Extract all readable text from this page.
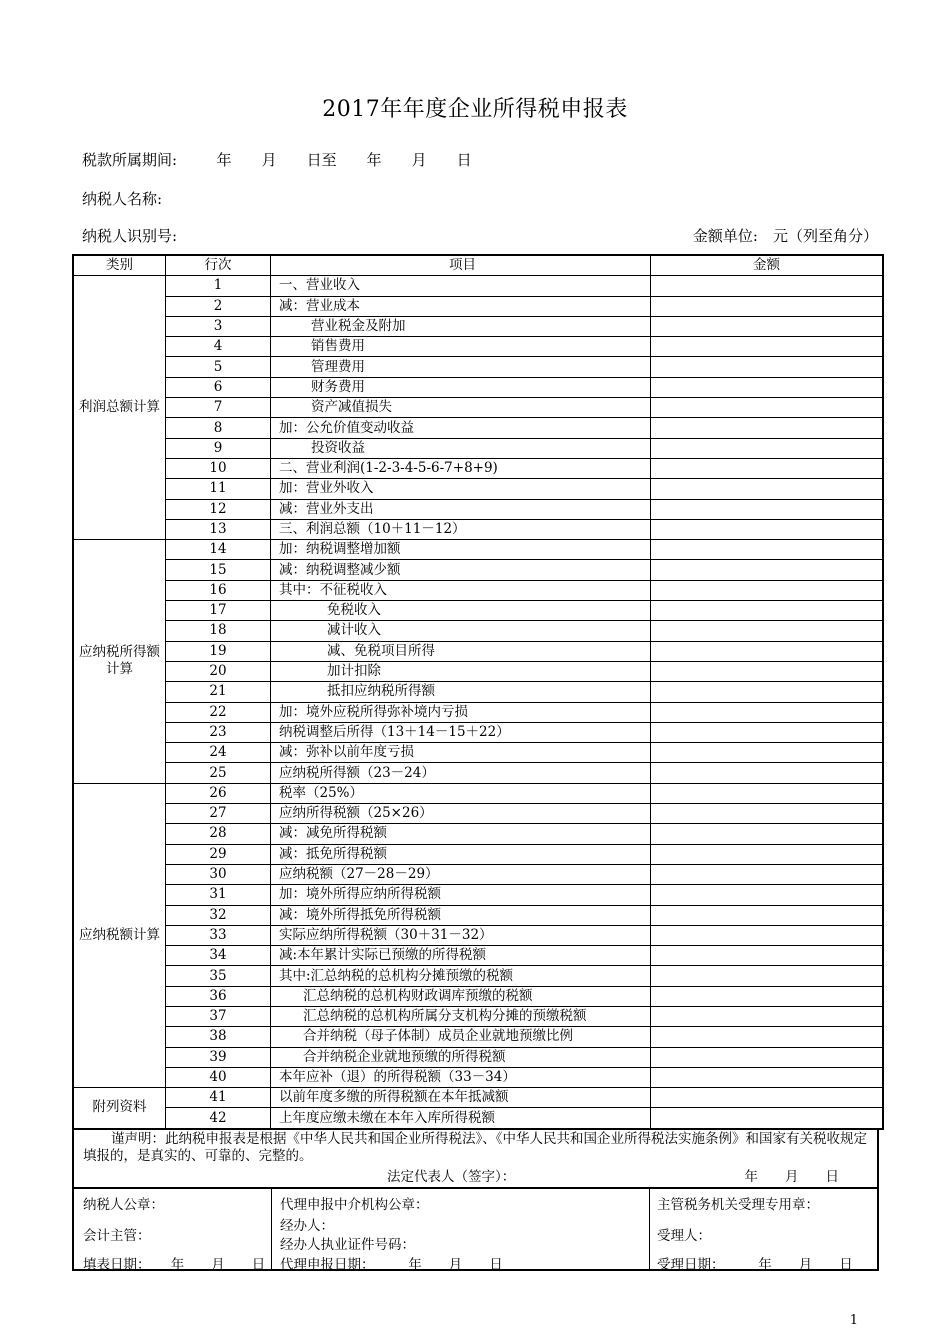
2017年年度企业所得税申报表
税款所属期间:　　	年　　月　　日至　　年　　月　　日
纳税人名称:
纳税人识别号:	金额单位:　 元（列至角分）
类别	行次	项目	金额
利润总额计算	1	一、营业收入	
	2	减：营业成本	
	3	营业税金及附加	
	4	销售费用	
	5	管理费用	
	6	财务费用	
	7	资产减值损失	
	8	加：公允价值变动收益	
	9	投资收益	
	10	二、营业利润(1-2-3-4-5-6-7+8+9)	
	11	加：营业外收入	
	12	减：营业外支出	
	13	三、利润总额（10＋11－12）	
应纳税所得额计算	14	加：纳税调整增加额	
	15	减：纳税调整减少额	
	16	其中：不征税收入	
	17	免税收入	
	18	减计收入	
	19	减、免税项目所得	
	20	加计扣除	
	21	抵扣应纳税所得额	
	22	加：境外应税所得弥补境内亏损	
	23	纳税调整后所得（13＋14－15＋22）	
	24	减：弥补以前年度亏损	
	25	应纳税所得额（23－24）	
应纳税额计算	26	税率（25%）	
	27	应纳所得税额（25×26）	
	28	减：减免所得税额	
	29	减：抵免所得税额	
	30	应纳税额（27－28－29）	
	31	加：境外所得应纳所得税额	
	32	减：境外所得抵免所得税额	
	33	实际应纳所得税额（30＋31－32）	
	34	减:本年累计实际已预缴的所得税额	
	35	其中:汇总纳税的总机构分摊预缴的税额	
	36	汇总纳税的总机构财政调库预缴的税额	
	37	汇总纳税的总机构所属分支机构分摊的预缴税额	
	38	合并纳税（母子体制）成员企业就地预缴比例	
	39	合并纳税企业就地预缴的所得税额	
	40	本年应补（退）的所得税额（33－34）	
附列资料	41	以前年度多缴的所得税额在本年抵减额	
	42	上年度应缴未缴在本年入库所得税额	

谨声明：此纳税申报表是根据《中华人民共和国企业所得税法》、《中华人民共和国企业所得税法实施条例》和国家有关税收规定填报的，是真实的、可靠的、完整的。

法定代表人（签字）：	年　　月　　日
纳税人公章：
会计主管：
填表日期：　　年　　月　　日
代理申报中介机构公章：
经办人：
经办人执业证件号码：
代理申报日期：　　　年　　月　　日
主管税务机关受理专用章：
受理人：
受理日期：　　　年　　月　　日
1
